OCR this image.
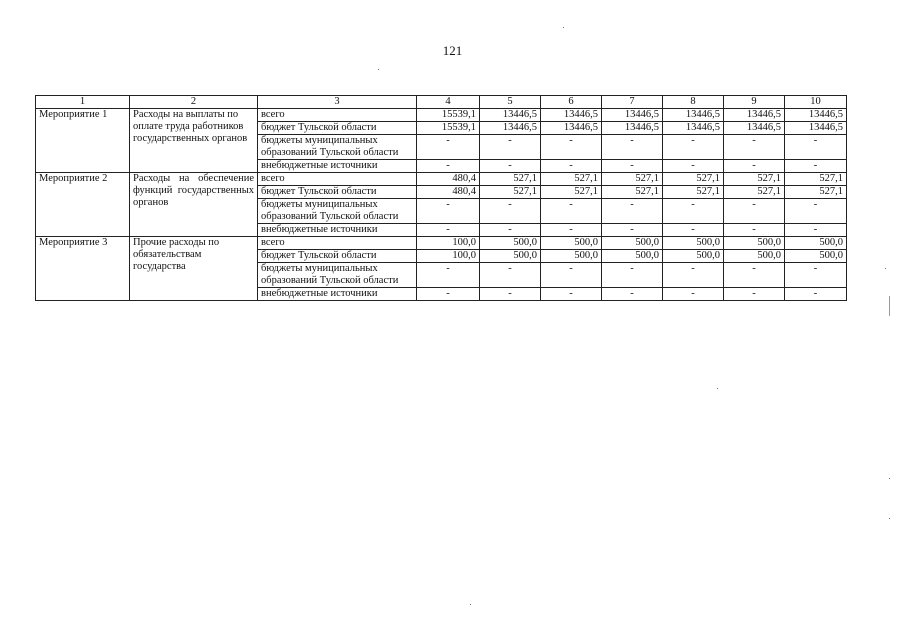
121
1	2	3	4	5	6	7	8	9	10
Мероприятие 1	Расходы на выплаты по оплате труда работников государственных органов	всего	15539,1	13446,5	13446,5	13446,5	13446,5	13446,5	13446,5
		бюджет Тульской области	15539,1	13446,5	13446,5	13446,5	13446,5	13446,5	13446,5
		бюджеты муниципальных образований Тульской области	-	-	-	-	-	-	-
		внебюджетные источники	-	-	-	-	-	-	-
Мероприятие 2	Расходы на обеспечение функций государственных органов	всего	480,4	527,1	527,1	527,1	527,1	527,1	527,1
		бюджет Тульской области	480,4	527,1	527,1	527,1	527,1	527,1	527,1
		бюджеты муниципальных образований Тульской области	-	-	-	-	-	-	-
		внебюджетные источники	-	-	-	-	-	-	-
Мероприятие 3	Прочие расходы по обязательствам государства	всего	100,0	500,0	500,0	500,0	500,0	500,0	500,0
		бюджет Тульской области	100,0	500,0	500,0	500,0	500,0	500,0	500,0
		бюджеты муниципальных образований Тульской области	-	-	-	-	-	-	-
		внебюджетные источники	-	-	-	-	-	-	-
